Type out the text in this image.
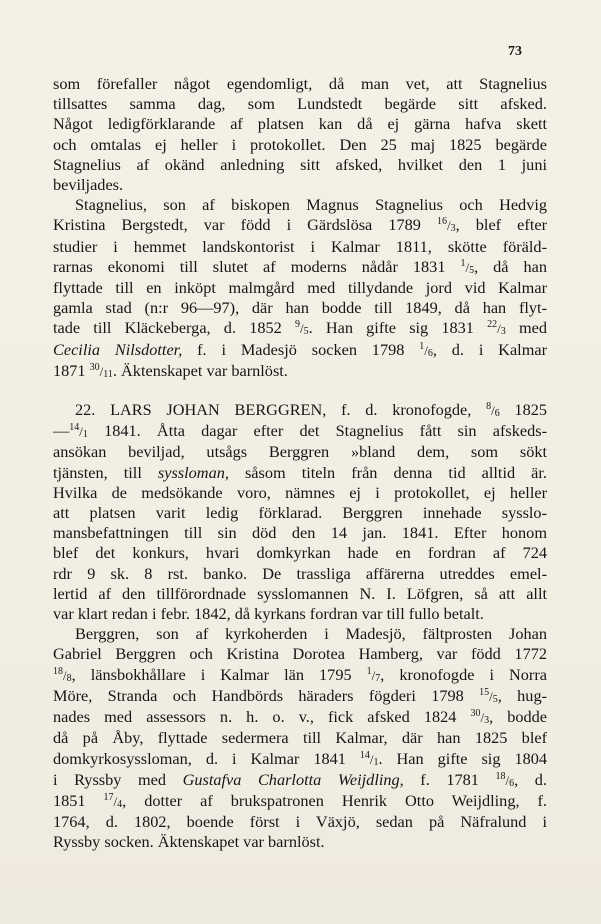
73

som förefaller något egendomligt, då man vet, att Stagnelius
tillsattes samma dag, som Lundstedt begärde sitt afsked.
Något ledigförklarande af platsen kan då ej gärna hafva skett
och omtalas ej heller i protokollet. Den 25 maj 1825 begärde
Stagnelius af okänd anledning sitt afsked, hvilket den 1 juni
beviljades.

Stagnelius, son af biskopen Magnus Stagnelius och Hedvig
Kristina Bergstedt, var född i Gärdslösa 1789 $^{16}$/3, blef efter
studier i hemmet landskontorist i Kalmar 1811, skötte föräld-
rarnas ekonomi till slutet af moderns nådår 1831 $^1$/5, då han
flyttade till en inköpt malmgård med tillydande jord vid Kalmar
gamla stad (n:r 96—97), där han bodde till 1849, då han flyt-
tade till Kläckeberga, d. 1852 $^9$/5. Han gifte sig 1831 $^{22}$/3 med
Cecilia Nilsdotter, f. i Madesjö socken 1798 $^1$/6, d. i Kalmar
1871 $^{30}$/11. Äktenskapet var barnlöst.

22. LARS JOHAN BERGGREN, f. d. kronofogde, $^8$/6 1825
—$^{14}$/1 1841. Åtta dagar efter det Stagnelius fått sin afskeds-
ansökan beviljad, utsågs Berggren »bland dem, som sökt
tjänsten, till syssloman, såsom titeln från denna tid alltid är.
Hvilka de medsökande voro, nämnes ej i protokollet, ej heller
att platsen varit ledig förklarad. Berggren innehade sysslo-
mansbefattningen till sin död den 14 jan. 1841. Efter honom
blef det konkurs, hvari domkyrkan hade en fordran af 724
rdr 9 sk. 8 rst. banko. De trassliga affärerna utreddes emel-
lertid af den tillförordnade sysslomannen N. I. Löfgren, så att allt
var klart redan i febr. 1842, då kyrkans fordran var till fullo betalt.

Berggren, son af kyrkoherden i Madesjö, fältprosten Johan
Gabriel Berggren och Kristina Dorotea Hamberg, var född 1772
$^{18}$/8, länsbokhållare i Kalmar län 1795 $^1$/7, kronofogde i Norra
Möre, Stranda och Handbörds häraders fögderi 1798 $^{15}$/5, hug-
nades med assessors n. h. o. v., fick afsked 1824 $^{30}$/3, bodde
då på Åby, flyttade sedermera till Kalmar, där han 1825 blef
domkyrkosyssloman, d. i Kalmar 1841 $^{14}$/1. Han gifte sig 1804
i Ryssby med Gustafva Charlotta Weijdling, f. 1781 $^{18}$/6, d.
1851 $^{17}$/4, dotter af brukspatronen Henrik Otto Weijdling, f.
1764, d. 1802, boende först i Växjö, sedan på Näfralund i
Ryssby socken. Äktenskapet var barnlöst.
